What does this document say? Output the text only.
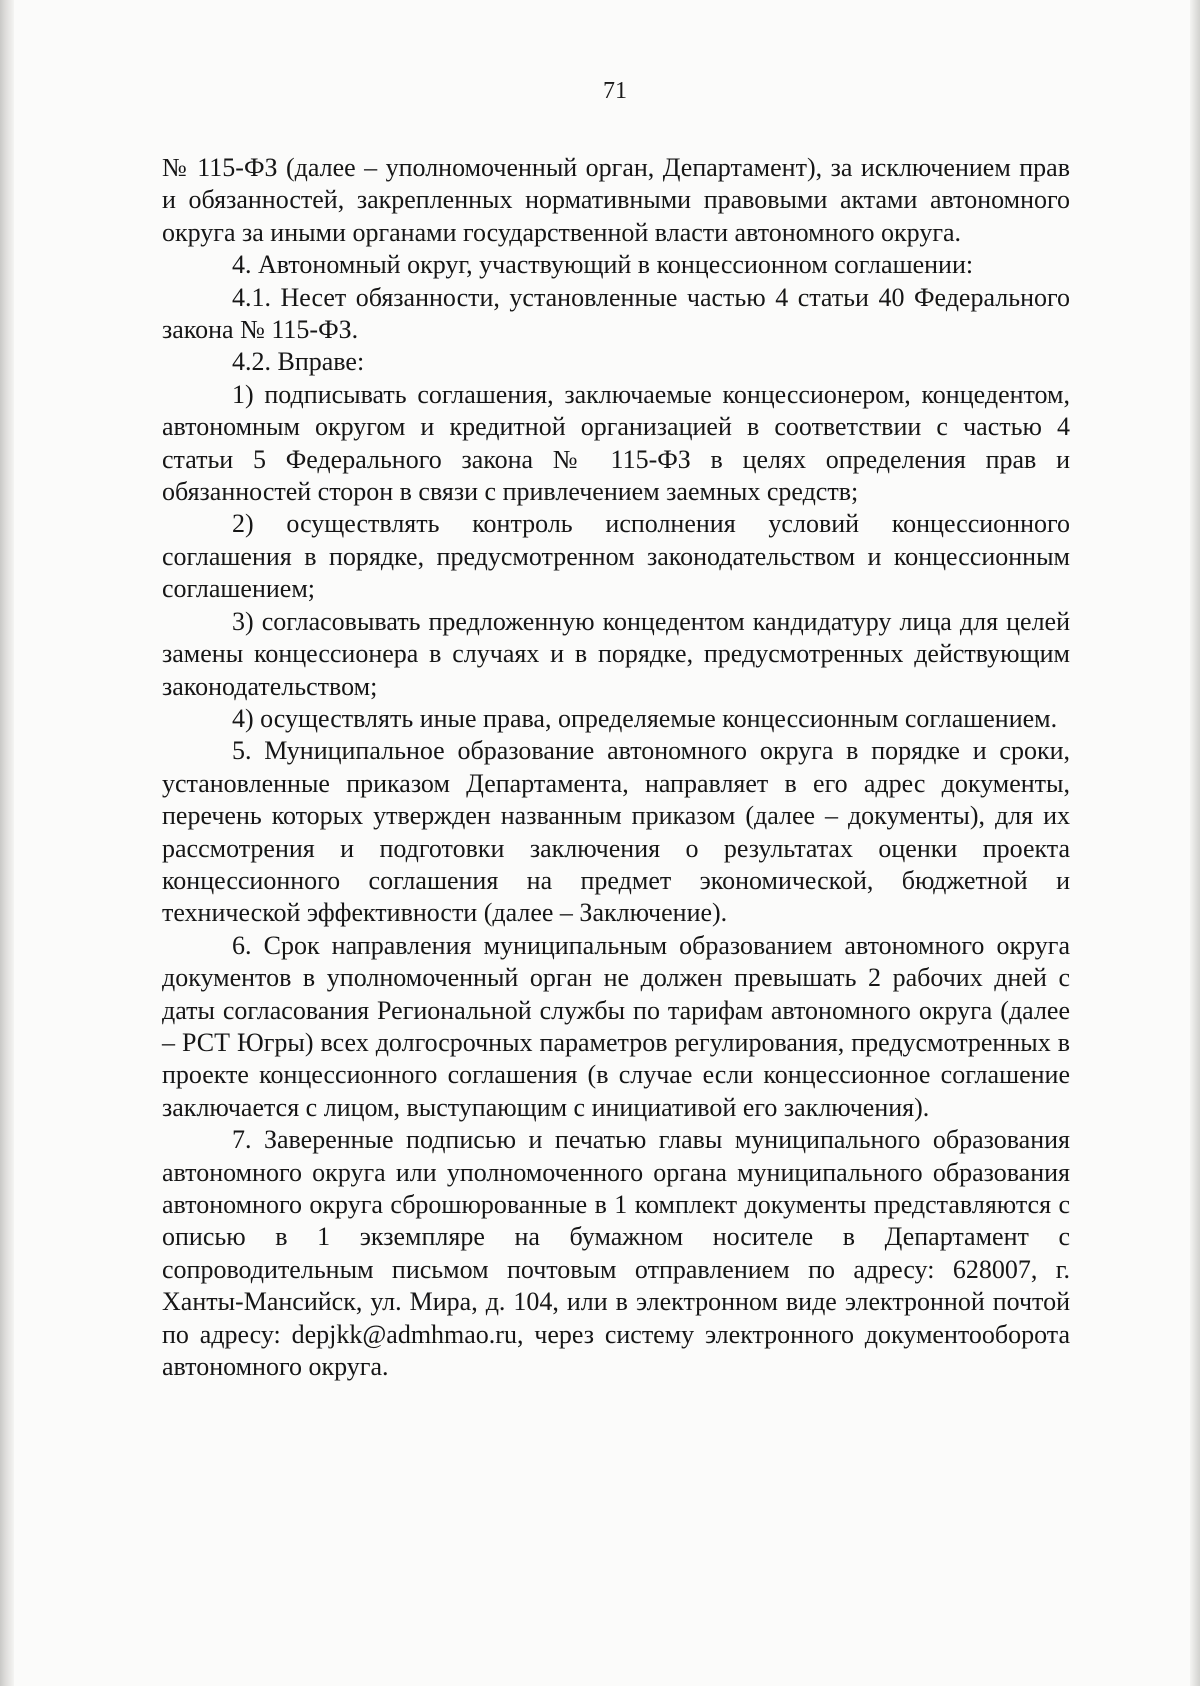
71

№ 115-ФЗ (далее – уполномоченный орган, Департамент), за исключением прав и обязанностей, закрепленных нормативными правовыми актами автономного округа за иными органами государственной власти автономного округа.

4. Автономный округ, участвующий в концессионном соглашении:

4.1. Несет обязанности, установленные частью 4 статьи 40 Федерального закона № 115-ФЗ.

4.2. Вправе:

1) подписывать соглашения, заключаемые концессионером, концедентом, автономным округом и кредитной организацией в соответствии с частью 4 статьи 5 Федерального закона № 115-ФЗ в целях определения прав и обязанностей сторон в связи с привлечением заемных средств;

2) осуществлять контроль исполнения условий концессионного соглашения в порядке, предусмотренном законодательством и концессионным соглашением;

3) согласовывать предложенную концедентом кандидатуру лица для целей замены концессионера в случаях и в порядке, предусмотренных действующим законодательством;

4) осуществлять иные права, определяемые концессионным соглашением.

5. Муниципальное образование автономного округа в порядке и сроки, установленные приказом Департамента, направляет в его адрес документы, перечень которых утвержден названным приказом (далее – документы), для их рассмотрения и подготовки заключения о результатах оценки проекта концессионного соглашения на предмет экономической, бюджетной и технической эффективности (далее – Заключение).

6. Срок направления муниципальным образованием автономного округа документов в уполномоченный орган не должен превышать 2 рабочих дней с даты согласования Региональной службы по тарифам автономного округа (далее – РСТ Югры) всех долгосрочных параметров регулирования, предусмотренных в проекте концессионного соглашения (в случае если концессионное соглашение заключается с лицом, выступающим с инициативой его заключения).

7. Заверенные подписью и печатью главы муниципального образования автономного округа или уполномоченного органа муниципального образования автономного округа сброшюрованные в 1 комплект документы представляются с описью в 1 экземпляре на бумажном носителе в Департамент с сопроводительным письмом почтовым отправлением по адресу: 628007, г. Ханты-Мансийск, ул. Мира, д. 104, или в электронном виде электронной почтой по адресу: depjkk@admhmao.ru, через систему электронного документооборота автономного округа.
